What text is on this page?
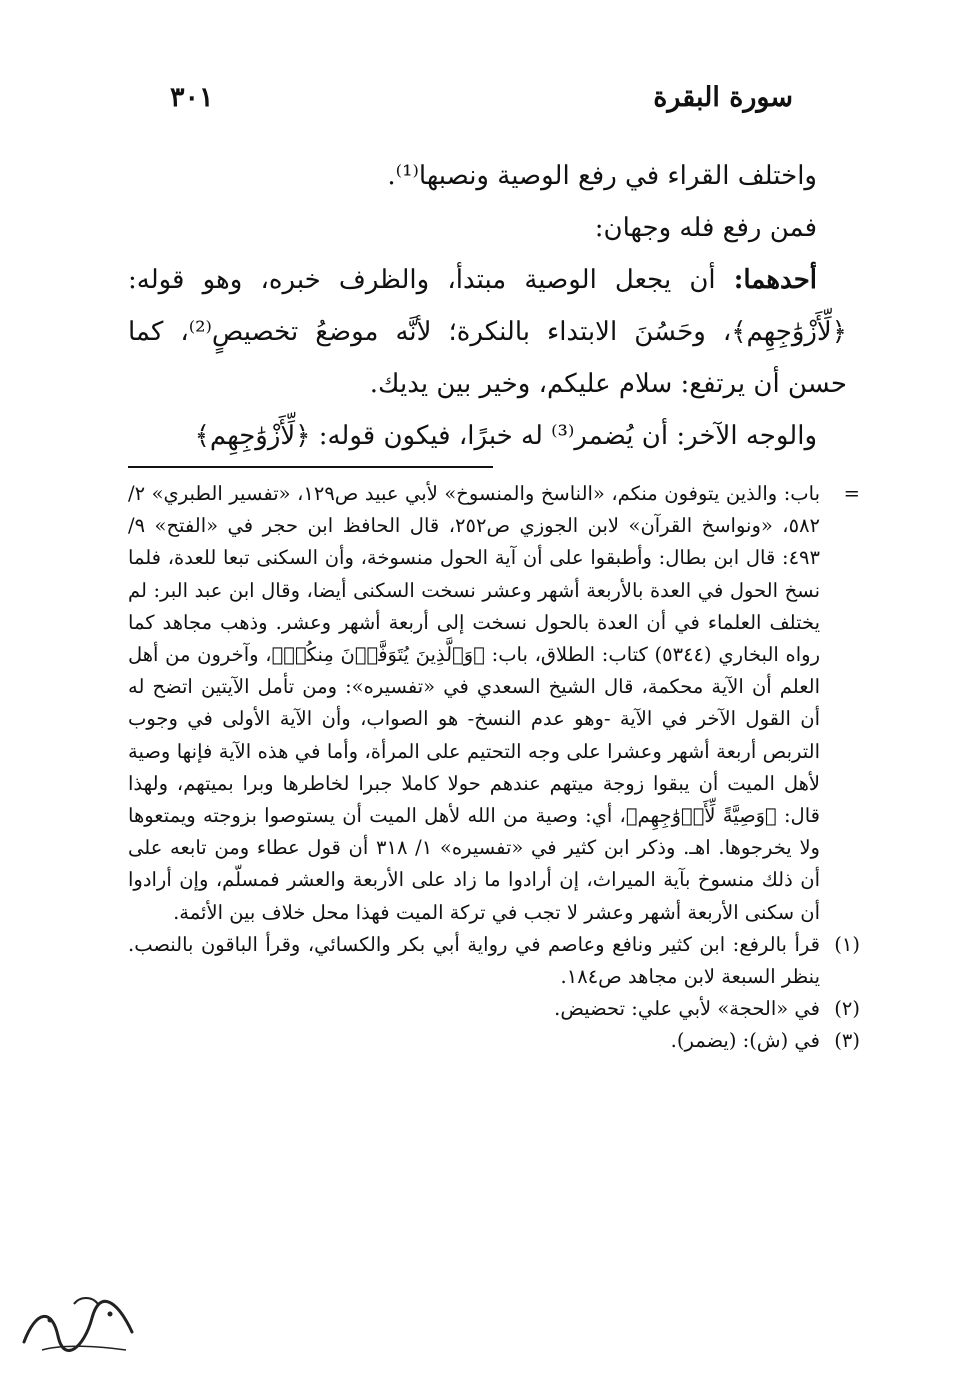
سورة البقرة
٣٠١

واختلف القراء في رفع الوصية ونصبها⁽¹⁾.

فمن رفع فله وجهان:

أحدهما: أن يجعل الوصية مبتدأ، والظرف خبره، وهو قوله: ﴿لِّأَزْوَٰجِهِم﴾، وحَسُنَ الابتداء بالنكرة؛ لأنَّه موضعُ تخصيصٍ⁽²⁾، كما حسن أن يرتفع: سلام عليكم، وخير بين يديك.

والوجه الآخر: أن يُضمر⁽³⁾ له خبرًا، فيكون قوله: ﴿لِّأَزْوَٰجِهِم﴾

=
باب: والذين يتوفون منكم، «الناسخ والمنسوخ» لأبي عبيد ص١٢٩، «تفسير الطبري» ٢/ ٥٨٢، «ونواسخ القرآن» لابن الجوزي ص٢٥٢، قال الحافظ ابن حجر في «الفتح» ٩/ ٤٩٣: قال ابن بطال: وأطبقوا على أن آية الحول منسوخة، وأن السكنى تبعا للعدة، فلما نسخ الحول في العدة بالأربعة أشهر وعشر نسخت السكنى أيضا، وقال ابن عبد البر: لم يختلف العلماء في أن العدة بالحول نسخت إلى أربعة أشهر وعشر. وذهب مجاهد كما رواه البخاري (٥٣٤٤) كتاب: الطلاق، باب: ﴿وَٱلَّذِينَ يُتَوَفَّوۡنَ مِنكُمۡ﴾، وآخرون من أهل العلم أن الآية محكمة، قال الشيخ السعدي في «تفسيره»: ومن تأمل الآيتين اتضح له أن القول الآخر في الآية -وهو عدم النسخ- هو الصواب، وأن الآية الأولى في وجوب التربص أربعة أشهر وعشرا على وجه التحتيم على المرأة، وأما في هذه الآية فإنها وصية لأهل الميت أن يبقوا زوجة ميتهم عندهم حولا كاملا جبرا لخاطرها وبرا بميتهم، ولهذا قال: ﴿وَصِيَّةً لِّأَزۡوَٰجِهِم﴾، أي: وصية من الله لأهل الميت أن يستوصوا بزوجته ويمتعوها ولا يخرجوها. اهـ. وذكر ابن كثير في «تفسيره» ١/ ٣١٨ أن قول عطاء ومن تابعه على أن ذلك منسوخ بآية الميراث، إن أرادوا ما زاد على الأربعة والعشر فمسلّم، وإن أرادوا أن سكنى الأربعة أشهر وعشر لا تجب في تركة الميت فهذا محل خلاف بين الأئمة.

(١)
قرأ بالرفع: ابن كثير ونافع وعاصم في رواية أبي بكر والكسائي، وقرأ الباقون بالنصب. ينظر السبعة لابن مجاهد ص١٨٤.

(٢)
في «الحجة» لأبي علي: تحضيض.

(٣)
في (ش): (يضمر).
